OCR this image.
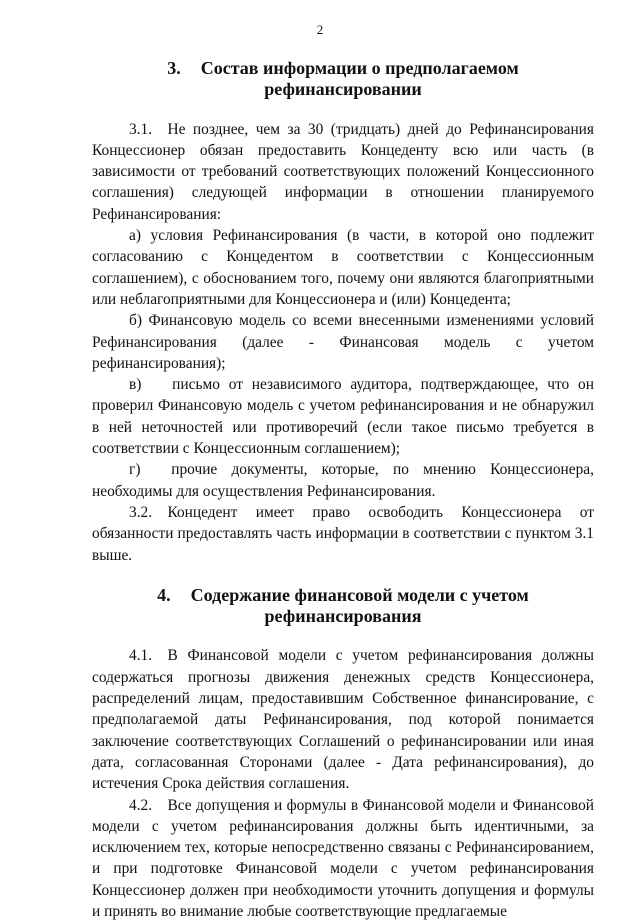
2
3. Состав информации о предполагаемом рефинансировании

3.1. Не позднее, чем за 30 (тридцать) дней до Рефинансирования Концессионер обязан предоставить Концеденту всю или часть (в зависимости от требований соответствующих положений Концессионного соглашения) следующей информации в отношении планируемого Рефинансирования:

а) условия Рефинансирования (в части, в которой оно подлежит согласованию с Концедентом в соответствии с Концессионным соглашением), с обоснованием того, почему они являются благоприятными или неблагоприятными для Концессионера и (или) Концедента;

б) Финансовую модель со всеми внесенными изменениями условий Рефинансирования (далее - Финансовая модель с учетом рефинансирования);

в)  письмо от независимого аудитора, подтверждающее, что он проверил Финансовую модель с учетом рефинансирования и не обнаружил в ней неточностей или противоречий (если такое письмо требуется в соответствии с Концессионным соглашением);

г)  прочие документы, которые, по мнению Концессионера, необходимы для осуществления Рефинансирования.

3.2. Концедент имеет право освободить Концессионера от обязанности предоставлять часть информации в соответствии с пунктом 3.1 выше.

4. Содержание финансовой модели с учетом рефинансирования

4.1. В Финансовой модели с учетом рефинансирования должны содержаться прогнозы движения денежных средств Концессионера, распределений лицам, предоставившим Собственное финансирование, с предполагаемой даты Рефинансирования, под которой понимается заключение соответствующих Соглашений о рефинансировании или иная дата, согласованная Сторонами (далее - Дата рефинансирования), до истечения Срока действия соглашения.

4.2. Все допущения и формулы в Финансовой модели и Финансовой модели с учетом рефинансирования должны быть идентичными, за исключением тех, которые непосредственно связаны с Рефинансированием, и при подготовке Финансовой модели с учетом рефинансирования Концессионер должен при необходимости уточнить допущения и формулы и принять во внимание любые соответствующие предлагаемые
